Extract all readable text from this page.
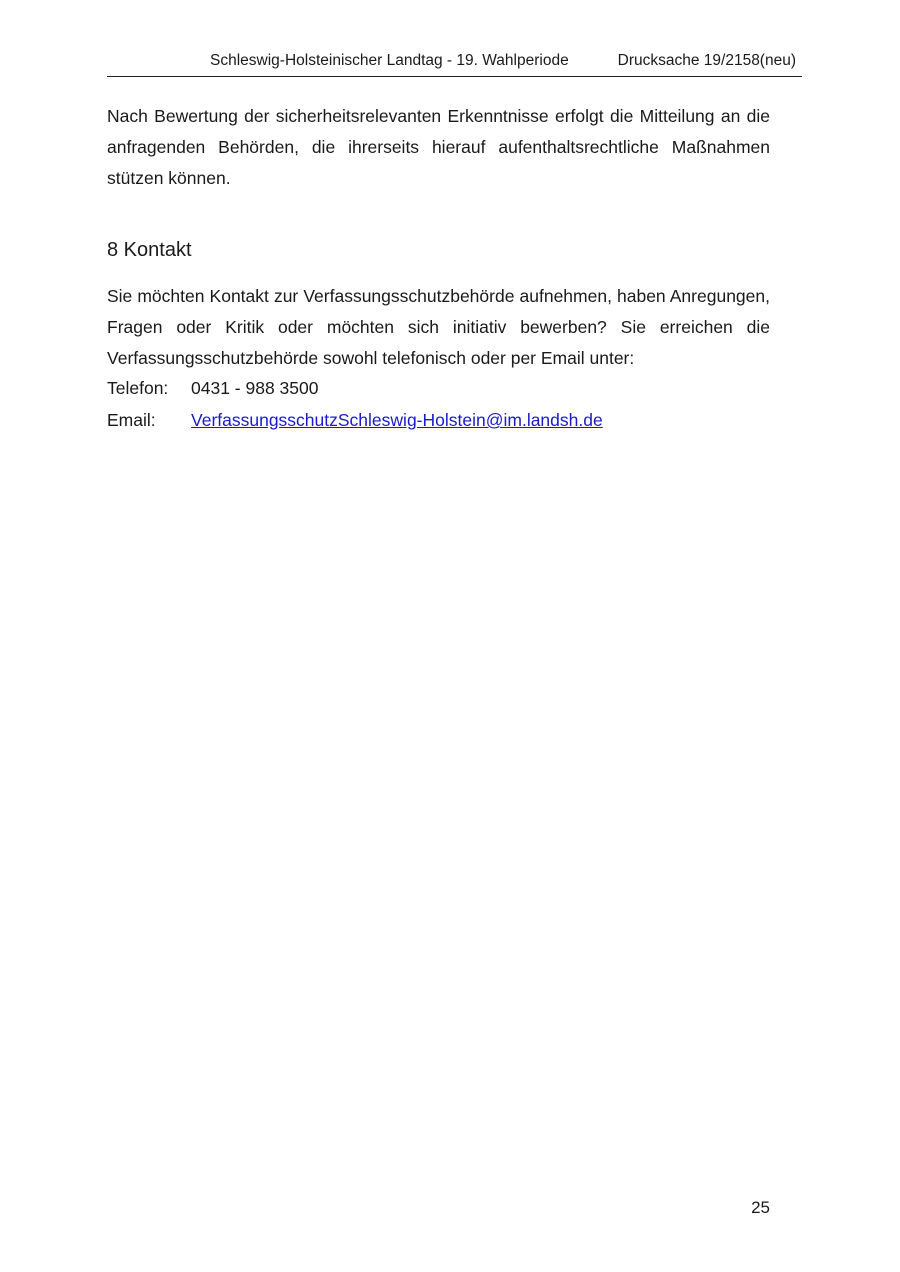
Schleswig-Holsteinischer Landtag - 19. Wahlperiode	Drucksache 19/2158(neu)

Nach Bewertung der sicherheitsrelevanten Erkenntnisse erfolgt die Mitteilung an die anfragenden Behörden, die ihrerseits hierauf aufenthaltsrechtliche Maßnahmen stützen können.

8 Kontakt

Sie möchten Kontakt zur Verfassungsschutzbehörde aufnehmen, haben Anregungen, Fragen oder Kritik oder möchten sich initiativ bewerben? Sie erreichen die Verfassungsschutzbehörde sowohl telefonisch oder per Email unter:

Telefon: 0431 - 988 3500
Email: VerfassungsschutzSchleswig-Holstein@im.landsh.de
25
